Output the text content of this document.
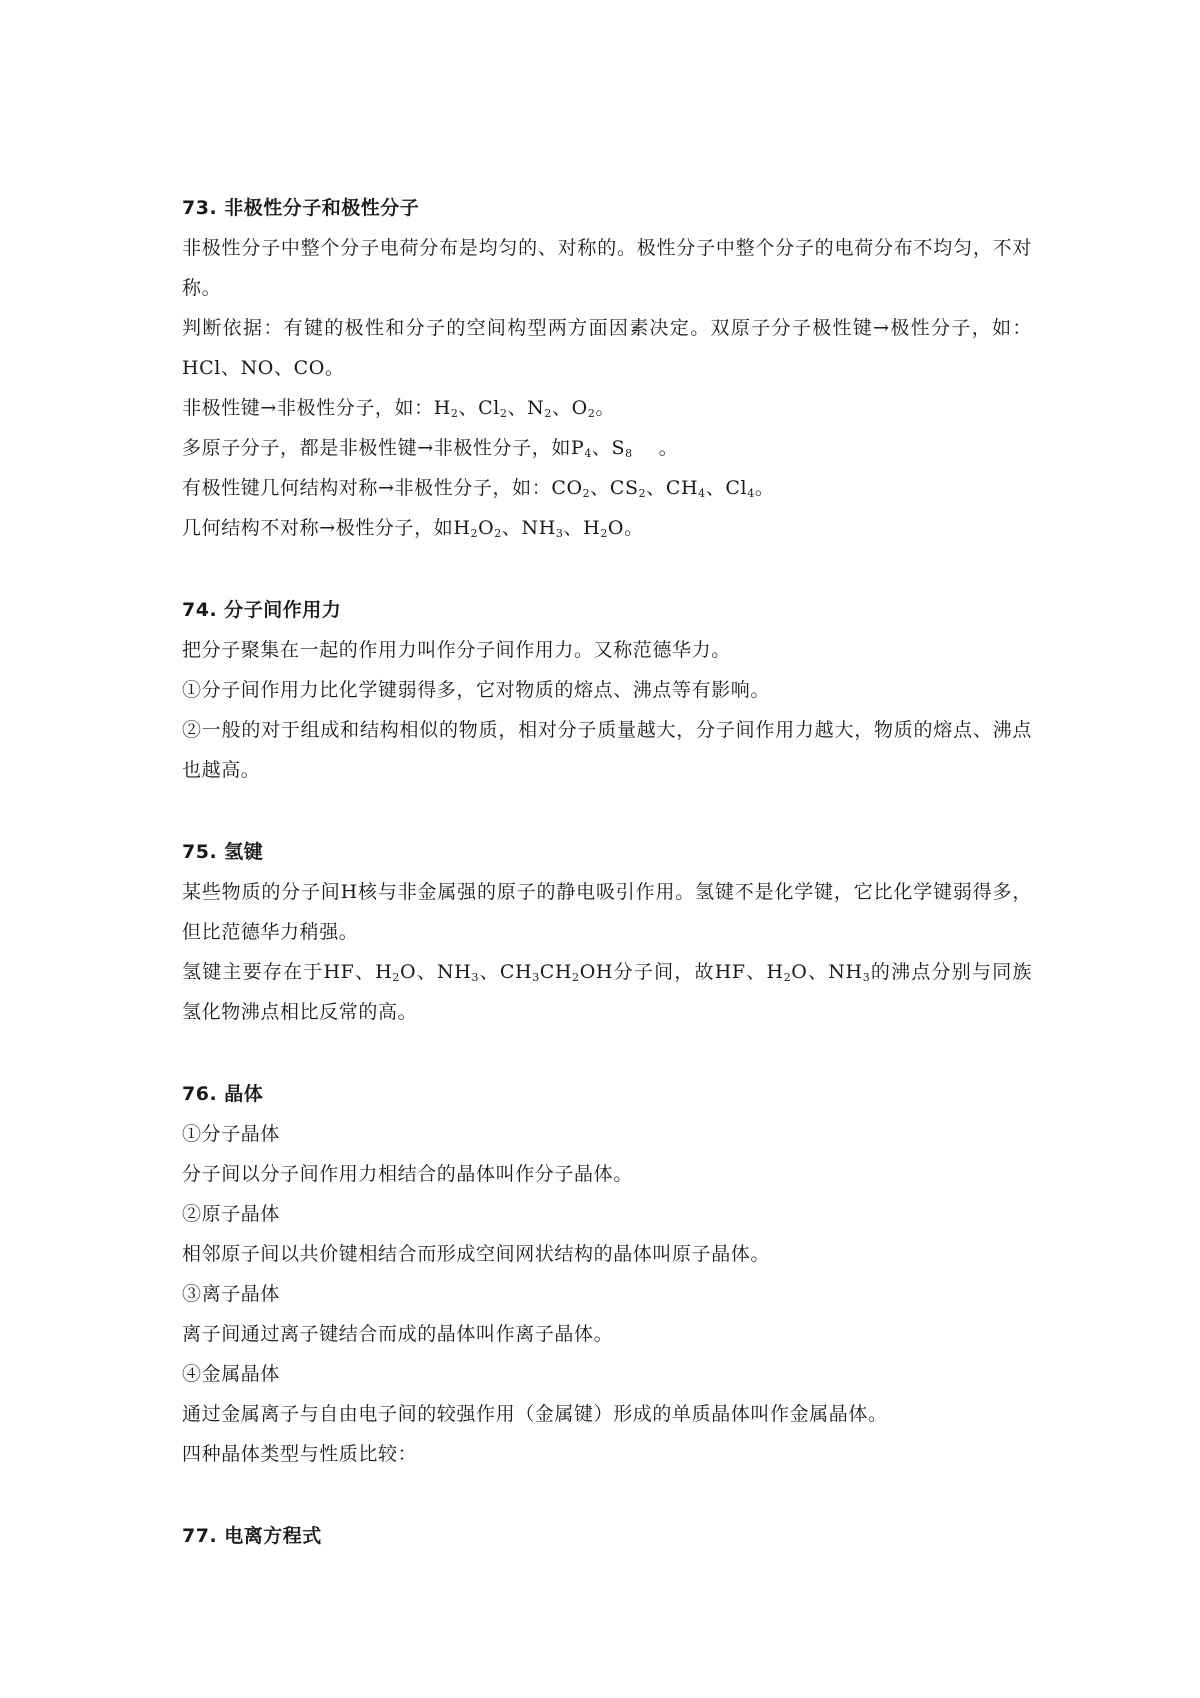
73. 非极性分子和极性分子
非极性分子中整个分子电荷分布是均匀的、对称的。极性分子中整个分子的电荷分布不均匀，不对称。
判断依据：有键的极性和分子的空间构型两方面因素决定。双原子分子极性键→极性分子，如：HCl、NO、CO。
非极性键→非极性分子，如：$H_2$、$Cl_2$、$N_2$、$O_2$。
多原子分子，都是非极性键→非极性分子，如$P_4$、$S_8$ 。
有极性键几何结构对称→非极性分子，如：$CO_2$、$CS_2$、$CH_4$、$Cl_4$。
几何结构不对称→极性分子，如$H_2O_2$、$NH_3$、$H_2O$。
74. 分子间作用力
把分子聚集在一起的作用力叫作分子间作用力。又称范德华力。
①分子间作用力比化学键弱得多，它对物质的熔点、沸点等有影响。
②一般的对于组成和结构相似的物质，相对分子质量越大，分子间作用力越大，物质的熔点、沸点也越高。
75. 氢键
某些物质的分子间H核与非金属强的原子的静电吸引作用。氢键不是化学键，它比化学键弱得多，但比范德华力稍强。
氢键主要存在于HF、$H_2O$、$NH_3$、$CH_3CH_2OH$分子间，故HF、$H_2O$、$NH_3$的沸点分别与同族氢化物沸点相比反常的高。
76. 晶体
①分子晶体
分子间以分子间作用力相结合的晶体叫作分子晶体。
②原子晶体
相邻原子间以共价键相结合而形成空间网状结构的晶体叫原子晶体。
③离子晶体
离子间通过离子键结合而成的晶体叫作离子晶体。
④金属晶体
通过金属离子与自由电子间的较强作用（金属键）形成的单质晶体叫作金属晶体。
四种晶体类型与性质比较：
77. 电离方程式
